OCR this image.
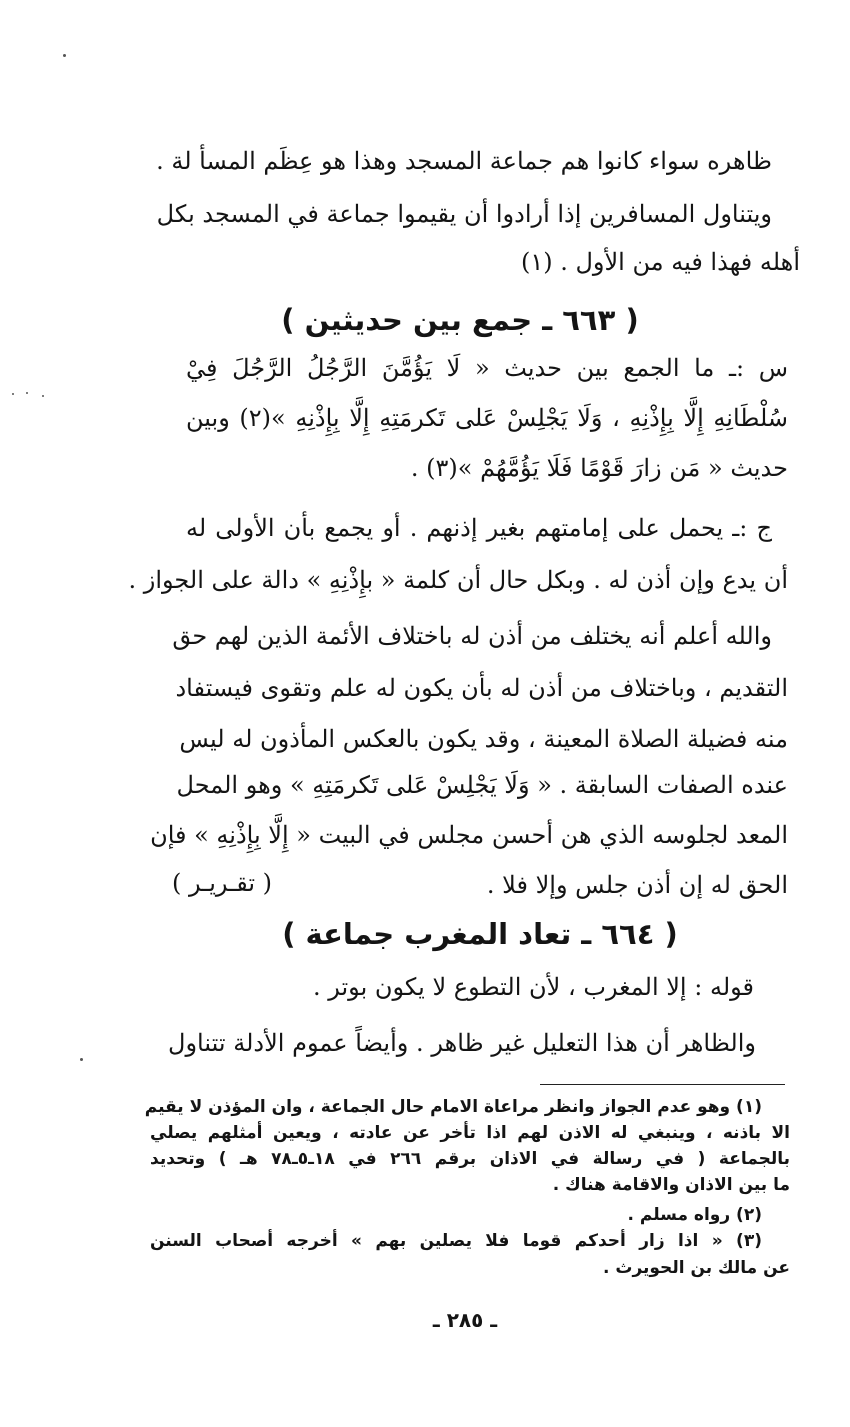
ظاهره سواء كانوا هم جماعة المسجد وهذا هو عِظَم المسأ لة .
ويتناول المسافرين إذا أرادوا أن يقيموا جماعة في المسجد بكل
أهله فهذا فيه من الأول . (١)
( ٦٦٣ ـ جمع بين حديثين )
س :ـ ما الجمع بين حديث « لَا يَؤُمَّنَ الرَّجُلُ الرَّجُلَ فِيْ
سُلْطَانِهِ إِلَّا بِإِذْنِهِ ، وَلَا يَجْلِسْ عَلى تَكرمَتِهِ إِلَّا بِإِذْنِهِ »(٢) وبين
حديث « مَن زارَ قَوْمًا فَلَا يَؤُمَّهُمْ »(٣) .
ج :ـ يحمل على إمامتهم بغير إذنهم . أو يجمع بأن الأولى له
أن يدع وإن أذن له . وبكل حال أن كلمة « بإِذْنِهِ » دالة على الجواز .
والله أعلم أنه يختلف من أذن له باختلاف الأئمة الذين لهم حق
التقديم ، وباختلاف من أذن له بأن يكون له علم وتقوى فيستفاد
منه فضيلة الصلاة المعينة ، وقد يكون بالعكس المأذون له ليس
عنده الصفات السابقة . « وَلَا يَجْلِسْ عَلى تَكرمَتِهِ » وهو المحل
المعد لجلوسه الذي هن أحسن مجلس في البيت « إِلَّا بِإِذْنِهِ » فإن
الحق له إن أذن جلس وإلا فلا .
( تقـريـر )
( ٦٦٤ ـ تعاد المغرب جماعة )
قوله : إلا المغرب ، لأن التطوع لا يكون بوتر .
والظاهر أن هذا التعليل غير ظاهر . وأيضاً عموم الأدلة تتناول
(١) وهو عدم الجواز وانظر مراعاة الامام حال الجماعة ، وان المؤذن لا يقيم
الا باذنه ، وينبغي له الاذن لهم اذا تأخر عن عادته ، ويعين أمثلهم يصلي
بالجماعة ( في رسالة في الاذان برقم ٢٦٦ في ١٨ـ٥ـ٧٨ هـ ) وتحديد
ما بين الاذان والاقامة هناك .
(٢) رواه مسلم .
(٣) « اذا زار أحدكم قوما فلا يصلين بهم » أخرجه أصحاب السنن
عن مالك بن الحويرث .
ـ ٢٨٥ ـ
